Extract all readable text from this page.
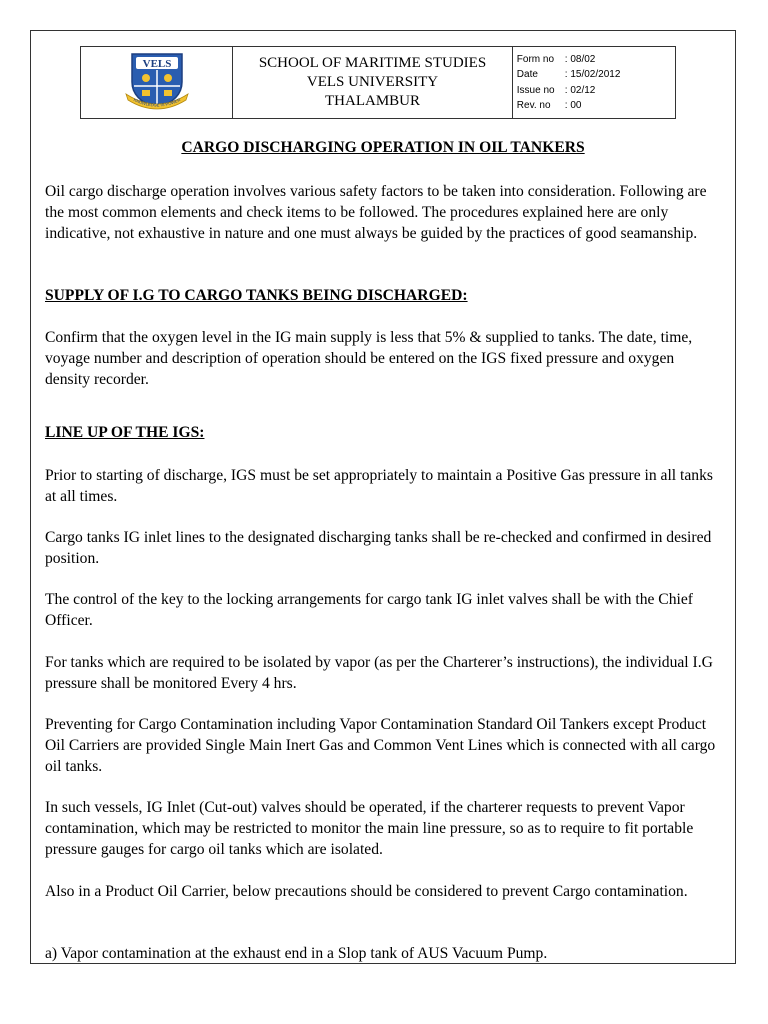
VELS
KNOWLEDGE IS POWER

SCHOOL OF MARITIME STUDIES
VELS UNIVERSITY
THALAMBUR

Form no : 08/02
Date	: 15/02/2012
Issue no : 02/12
Rev. no : 00
CARGO DISCHARGING OPERATION IN OIL TANKERS
Oil cargo discharge operation involves various safety factors to be taken into consideration. Following are the most common elements and check items to be followed. The procedures explained here are only indicative, not exhaustive in nature and one must always be guided by the practices of good seamanship.
SUPPLY OF I.G TO CARGO TANKS BEING DISCHARGED:
Confirm that the oxygen level in the IG main supply is less that 5% & supplied to tanks. The date, time, voyage number and description of operation should be entered on the IGS fixed pressure and oxygen density recorder.
LINE UP OF THE IGS:
Prior to starting of discharge, IGS must be set appropriately to maintain a Positive Gas pressure in all tanks at all times.
Cargo tanks IG inlet lines to the designated discharging tanks shall be re-checked and confirmed in desired position.
The control of the key to the locking arrangements for cargo tank IG inlet valves shall be with the Chief Officer.
For tanks which are required to be isolated by vapor (as per the Charterer’s instructions), the individual I.G pressure shall be monitored Every 4 hrs.
Preventing for Cargo Contamination including Vapor Contamination Standard Oil Tankers except Product Oil Carriers are provided Single Main Inert Gas and Common Vent Lines which is connected with all cargo oil tanks.
In such vessels, IG Inlet (Cut-out) valves should be operated, if the charterer requests to prevent Vapor contamination, which may be restricted to monitor the main line pressure, so as to require to fit portable pressure gauges for cargo oil tanks which are isolated.
Also in a Product Oil Carrier, below precautions should be considered to prevent Cargo contamination.
a) Vapor contamination at the exhaust end in a Slop tank of AUS Vacuum Pump.
